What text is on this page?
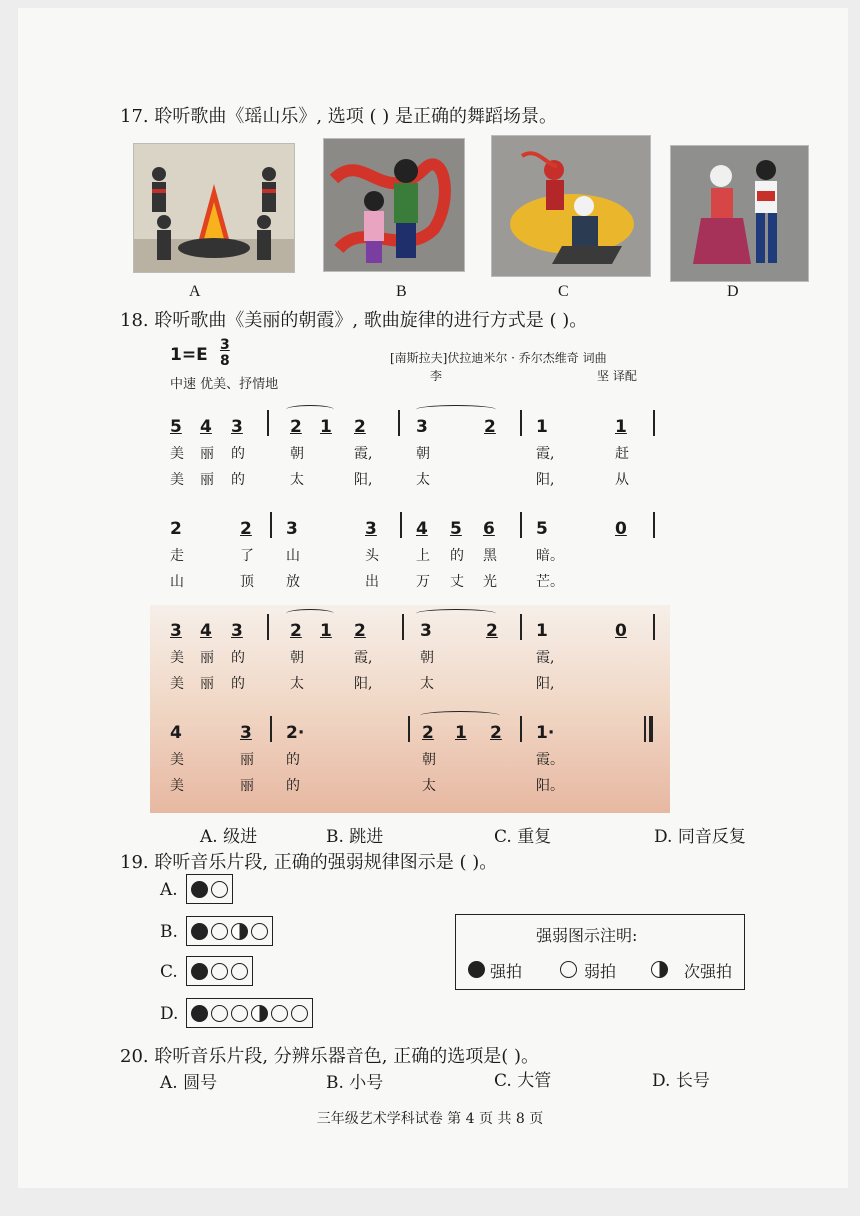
17. 聆听歌曲《瑶山乐》, 选项 ( ) 是正确的舞蹈场景。
A	B	C	D
18. 聆听歌曲《美丽的朝霞》, 歌曲旋律的进行方式是 ( )。
1=E 3
8
中速 优美、抒情地
[南斯拉夫]伏拉迪米尔 · 乔尔杰维奇 词曲
李	坚 译配
5 4 3	2 1 2	3	2 1	1
美 丽 的	朝	霞,	朝	霞,	赶
美 丽 的	太	阳,	太	阳,	从
2	2 3	3 4 5 6 5	0
走	了 山	头	上 的 黑	暗。
山	顶 放	出	万 丈 光	芒。
3 4 3	2 1 2	3	2 1	0
美 丽 的	朝	霞,	朝	霞,
美 丽 的	太	阳,	太	阳,
4	3 2·	2 1 2 1·
美	丽 的	朝	霞。
美	丽 的	太	阳。
A. 级进	B. 跳进	C. 重复	D. 同音反复
19. 聆听音乐片段, 正确的强弱规律图示是 ( )。
A.
B.
C.
D.
强弱图示注明:
强拍	弱拍	次强拍
20. 聆听音乐片段, 分辨乐器音色, 正确的选项是( )。
A. 圆号	B. 小号	C. 大管	D. 长号
三年级艺术学科试卷 第 4 页 共 8 页
